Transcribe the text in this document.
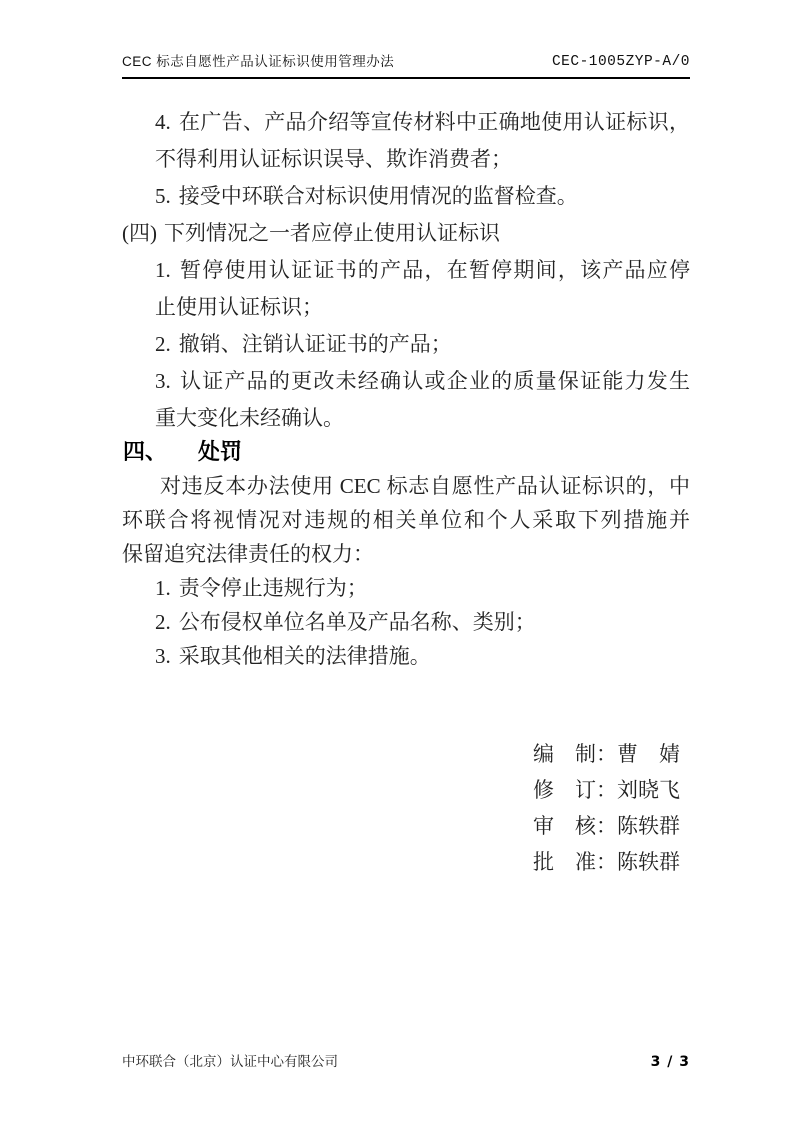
CEC 标志自愿性产品认证标识使用管理办法	CEC-1005ZYP-A/0
4. 在广告、产品介绍等宣传材料中正确地使用认证标识，
不得利用认证标识误导、欺诈消费者；
5. 接受中环联合对标识使用情况的监督检查。
(四) 下列情况之一者应停止使用认证标识
1. 暂停使用认证证书的产品，在暂停期间，该产品应停
止使用认证标识；
2. 撤销、注销认证证书的产品；
3. 认证产品的更改未经确认或企业的质量保证能力发生
重大变化未经确认。
四、 处罚
对违反本办法使用 CEC 标志自愿性产品认证标识的，中
环联合将视情况对违规的相关单位和个人采取下列措施并
保留追究法律责任的权力：
1. 责令停止违规行为；
2. 公布侵权单位名单及产品名称、类别；
3. 采取其他相关的法律措施。
编　制：曹　婧
修　订：刘晓飞
审　核：陈轶群
批　准：陈轶群
中环联合（北京）认证中心有限公司	3 / 3
